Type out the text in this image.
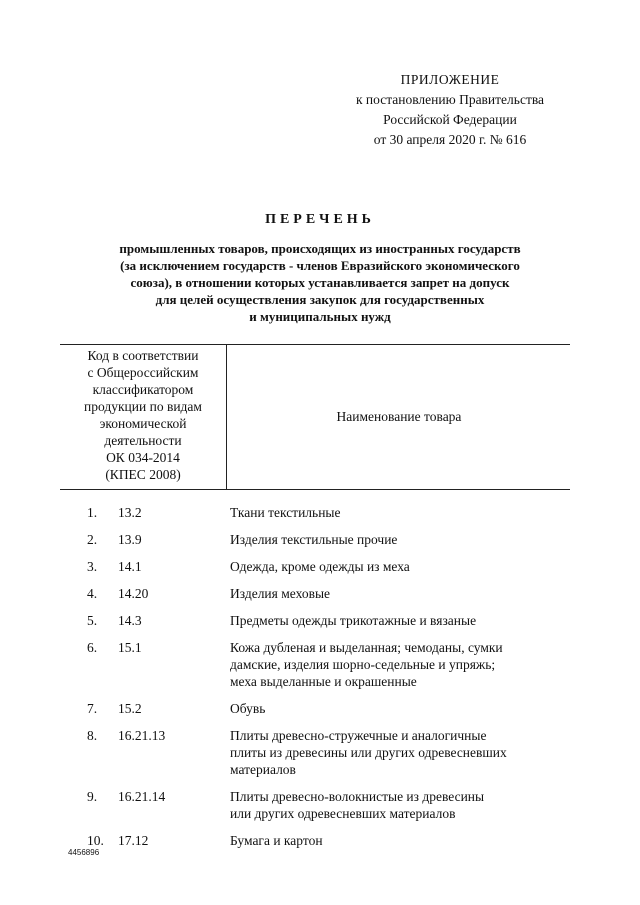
ПРИЛОЖЕНИЕ
к постановлению Правительства
Российской Федерации
от 30 апреля 2020 г. № 616
ПЕРЕЧЕНЬ
промышленных товаров, происходящих из иностранных государств
(за исключением государств - членов Евразийского экономического
союза), в отношении которых устанавливается запрет на допуск
для целей осуществления закупок для государственных
и муниципальных нужд
Код в соответствии
с Общероссийским
классификатором
продукции по видам
экономической
деятельности
ОК 034-2014
(КПЕС 2008)
Наименование товара
1.	13.2	Ткани текстильные
2.	13.9	Изделия текстильные прочие
3.	14.1	Одежда, кроме одежды из меха
4.	14.20	Изделия меховые
5.	14.3	Предметы одежды трикотажные и вязаные
6.	15.1	Кожа дубленая и выделанная; чемоданы, сумки
дамские, изделия шорно-седельные и упряжь;
меха выделанные и окрашенные
7.	15.2	Обувь
8.	16.21.13	Плиты древесно-стружечные и аналогичные
плиты из древесины или других одревесневших
материалов
9.	16.21.14	Плиты древесно-волокнистые из древесины
или других одревесневших материалов
10.	17.12	Бумага и картон
4456896
